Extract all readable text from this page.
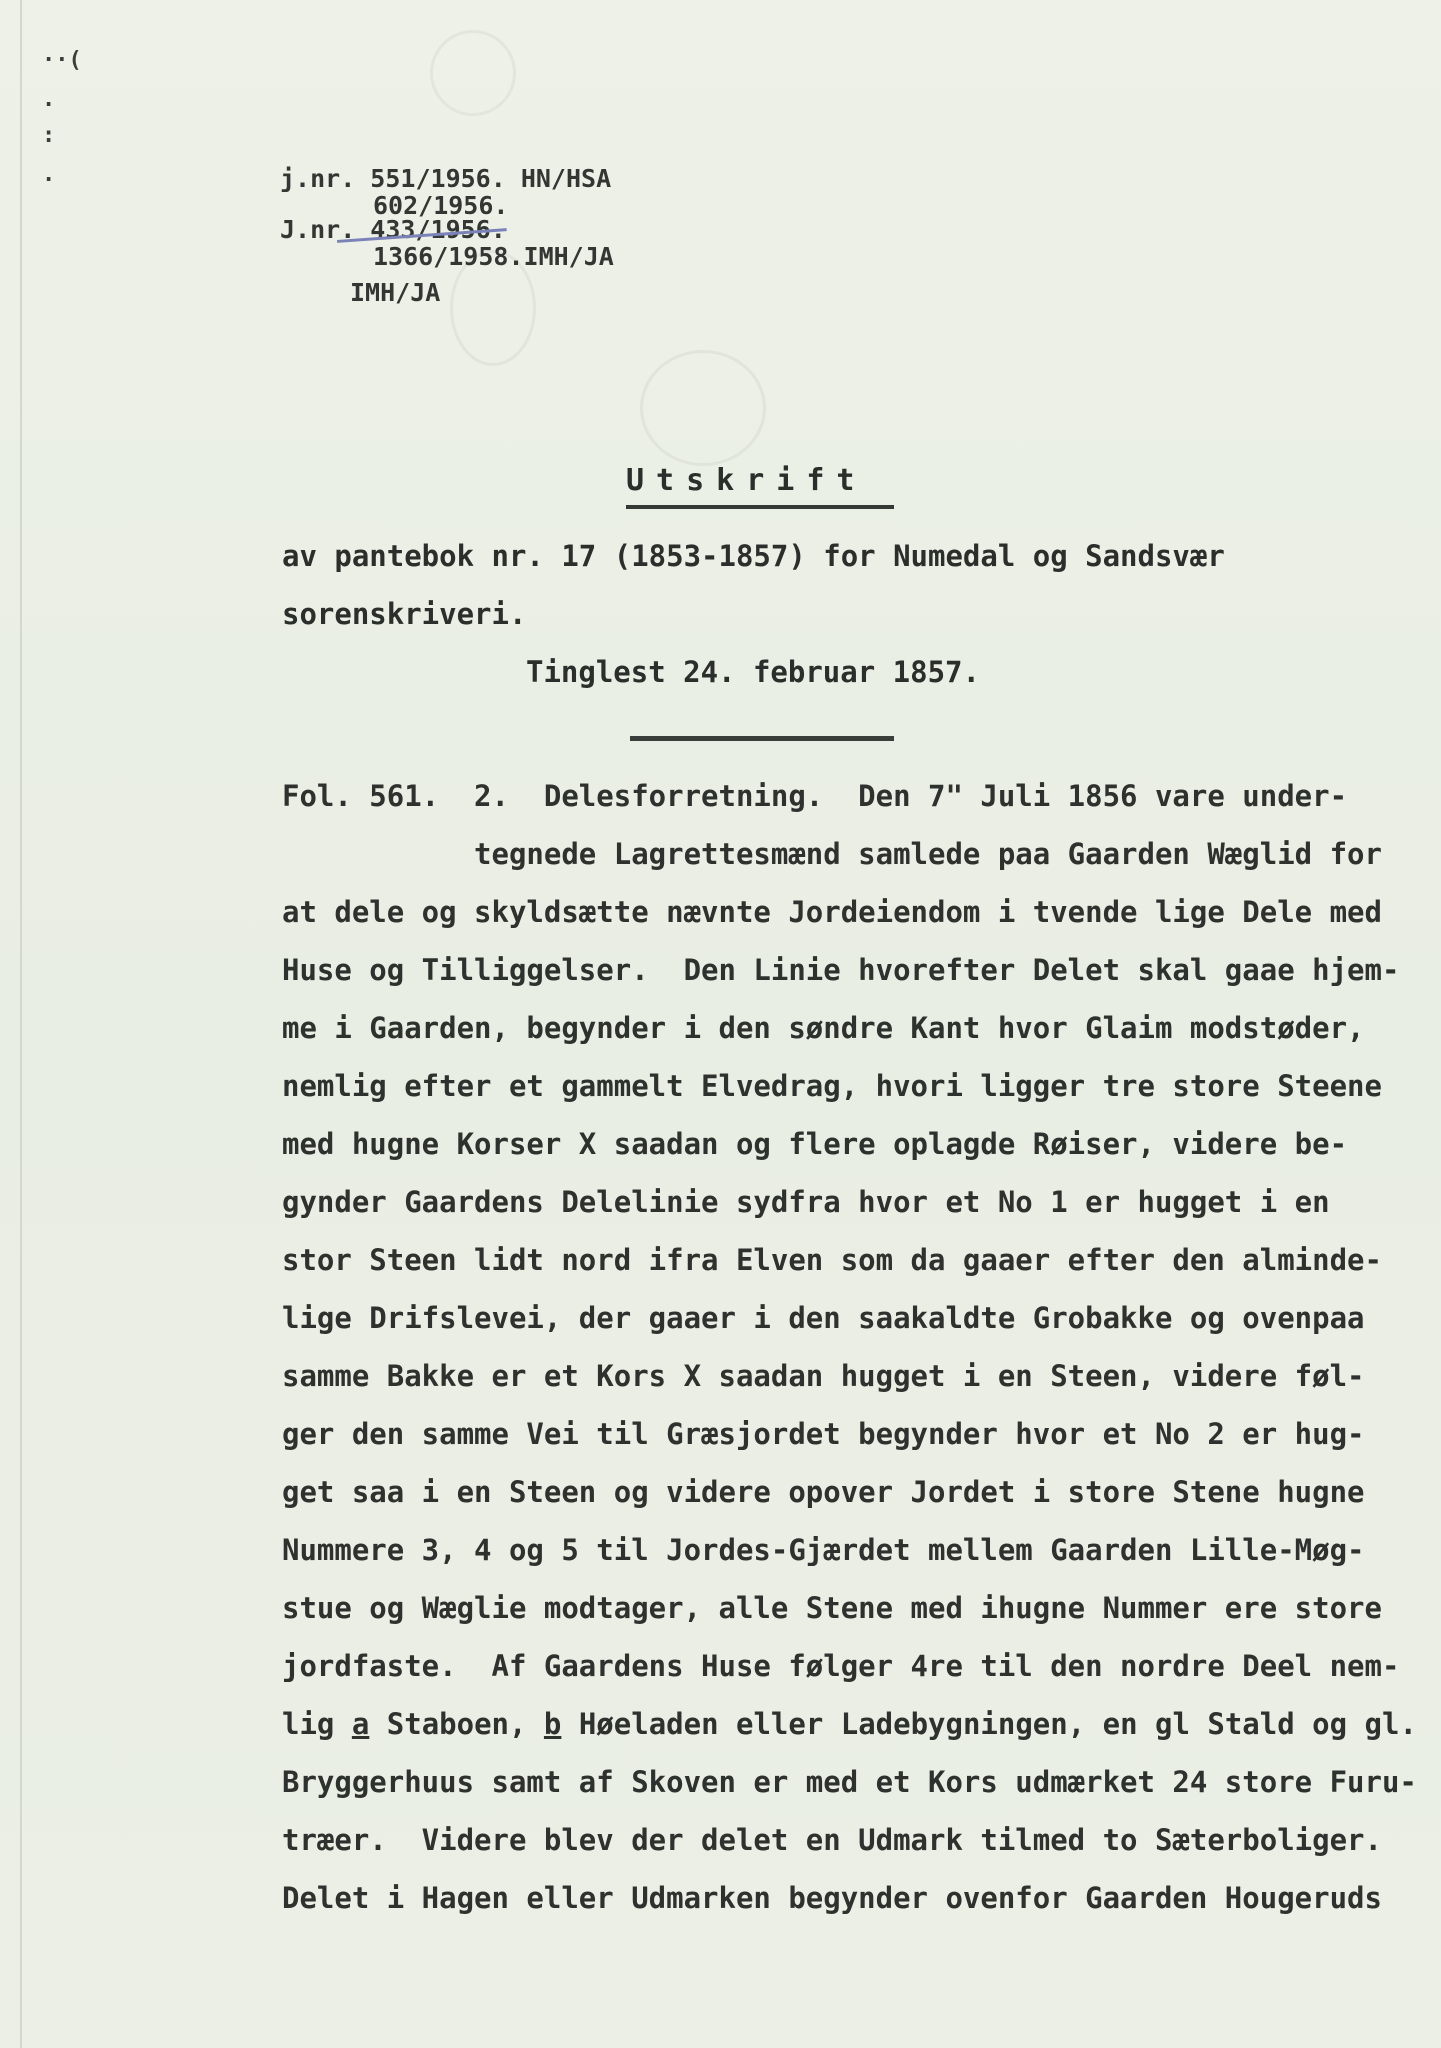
··(
·
:
·	j.nr. 551/1956. HN/HSA
602/1956.
J.nr. 433/1956.
1366/1958.IMH/JA
IMH/JA
Utskrift
av pantebok nr. 17 (1853-1857) for Numedal og Sandsvær
sorenskriveri.
Tinglest 24. februar 1857.
Fol. 561.  2.  Delesforretning.  Den 7" Juli 1856 vare under-
tegnede Lagrettesmænd samlede paa Gaarden Wæglid for
at dele og skyldsætte nævnte Jordeiendom i tvende lige Dele med
Huse og Tilliggelser.  Den Linie hvorefter Delet skal gaae hjem-
me i Gaarden, begynder i den søndre Kant hvor Glaim modstøder,
nemlig efter et gammelt Elvedrag, hvori ligger tre store Steene
med hugne Korser X saadan og flere oplagde Røiser, videre be-
gynder Gaardens Delelinie sydfra hvor et No 1 er hugget i en
stor Steen lidt nord ifra Elven som da gaaer efter den alminde-
lige Drifslevei, der gaaer i den saakaldte Grobakke og ovenpaa
samme Bakke er et Kors X saadan hugget i en Steen, videre føl-
ger den samme Vei til Græsjordet begynder hvor et No 2 er hug-
get saa i en Steen og videre opover Jordet i store Stene hugne
Nummere 3, 4 og 5 til Jordes-Gjærdet mellem Gaarden Lille-Møg-
stue og Wæglie modtager, alle Stene med ihugne Nummer ere store
jordfaste.  Af Gaardens Huse følger 4re til den nordre Deel nem-
lig a Staboen, b Høeladen eller Ladebygningen, en gl Stald og gl.
Bryggerhuus samt af Skoven er med et Kors udmærket 24 store Furu-
træer.  Videre blev der delet en Udmark tilmed to Sæterboliger.
Delet i Hagen eller Udmarken begynder ovenfor Gaarden Hougeruds
